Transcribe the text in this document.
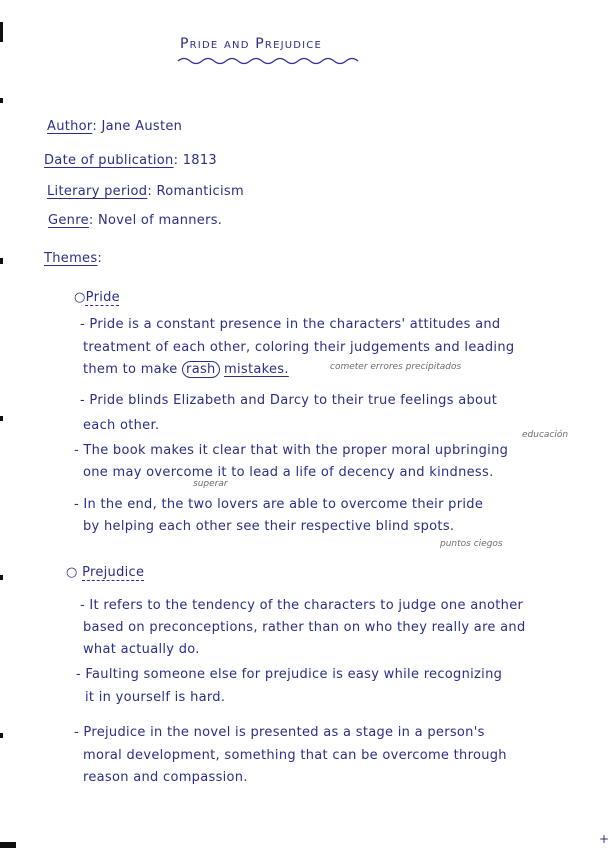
Pride and Prejudice
Author: Jane Austen
Date of publication: 1813
Literary period: Romanticism
Genre: Novel of manners.
Themes:
○Pride
- Pride is a constant presence in the characters' attitudes and
treatment of each other, coloring their judgements and leading
them to make rash mistakes.	cometer errores precipitados
- Pride blinds Elizabeth and Darcy to their true feelings about
each other.
educación
- The book makes it clear that with the proper moral upbringing
one may overcome it to lead a life of decency and kindness.
superar
- In the end, the two lovers are able to overcome their pride
by helping each other see their respective blind spots.
puntos ciegos
○ Prejudice
- It refers to the tendency of the characters to judge one another
based on preconceptions, rather than on who they really are and
what actually do.
- Faulting someone else for prejudice is easy while recognizing
it in yourself is hard.
- Prejudice in the novel is presented as a stage in a person's
moral development, something that can be overcome through
reason and compassion.
+
